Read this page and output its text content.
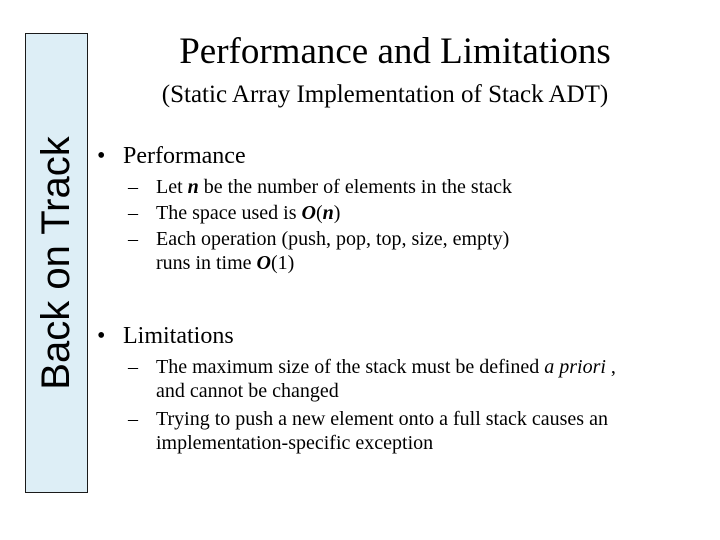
Back on Track
Performance and Limitations
(Static Array Implementation of Stack ADT)
• Performance
– Let n be the number of elements in the stack
– The space used is O(n)
– Each operation (push, pop, top, size, empty)
runs in time O(1)
• Limitations
– The maximum size of the stack must be defined a priori ,
and cannot be changed
– Trying to push a new element onto a full stack causes an
implementation-specific exception
